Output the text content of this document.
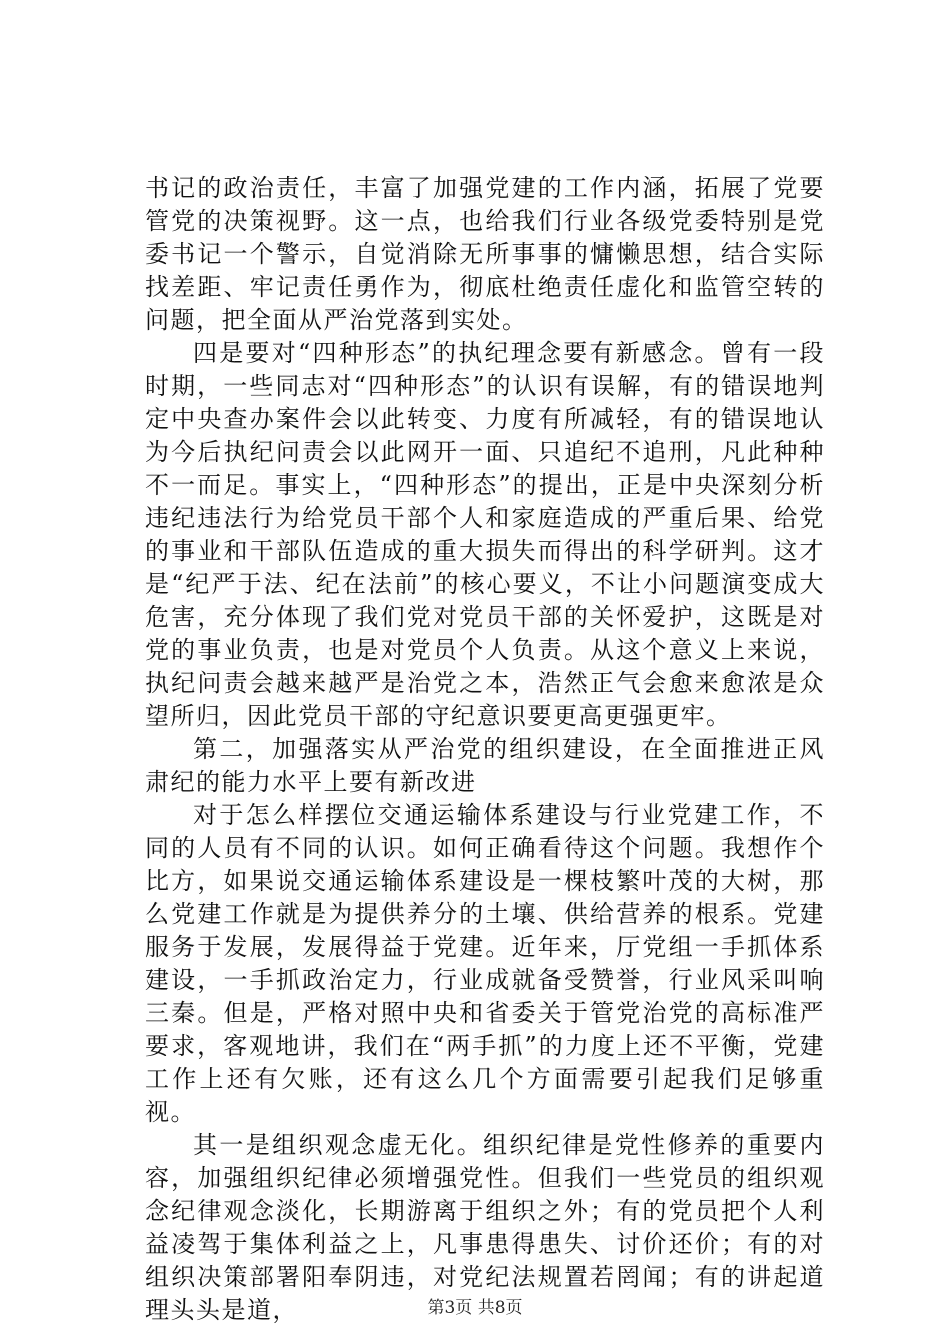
书记的政治责任，丰富了加强党建的工作内涵，拓展了党要管党的决策视野。这一点，也给我们行业各级党委特别是党委书记一个警示，自觉消除无所事事的慵懒思想，结合实际找差距、牢记责任勇作为，彻底杜绝责任虚化和监管空转的问题，把全面从严治党落到实处。

四是要对“四种形态”的执纪理念要有新感念。曾有一段时期，一些同志对“四种形态”的认识有误解，有的错误地判定中央查办案件会以此转变、力度有所减轻，有的错误地认为今后执纪问责会以此网开一面、只追纪不追刑，凡此种种不一而足。事实上，“四种形态”的提出，正是中央深刻分析违纪违法行为给党员干部个人和家庭造成的严重后果、给党的事业和干部队伍造成的重大损失而得出的科学研判。这才是“纪严于法、纪在法前”的核心要义，不让小问题演变成大危害，充分体现了我们党对党员干部的关怀爱护，这既是对党的事业负责，也是对党员个人负责。从这个意义上来说，执纪问责会越来越严是治党之本，浩然正气会愈来愈浓是众望所归，因此党员干部的守纪意识要更高更强更牢。

第二，加强落实从严治党的组织建设，在全面推进正风肃纪的能力水平上要有新改进

对于怎么样摆位交通运输体系建设与行业党建工作，不同的人员有不同的认识。如何正确看待这个问题。我想作个比方，如果说交通运输体系建设是一棵枝繁叶茂的大树，那么党建工作就是为提供养分的土壤、供给营养的根系。党建服务于发展，发展得益于党建。近年来，厅党组一手抓体系建设，一手抓政治定力，行业成就备受赞誉，行业风采叫响三秦。但是，严格对照中央和省委关于管党治党的高标准严要求，客观地讲，我们在“两手抓”的力度上还不平衡，党建工作上还有欠账，还有这么几个方面需要引起我们足够重视。

其一是组织观念虚无化。组织纪律是党性修养的重要内容，加强组织纪律必须增强党性。但我们一些党员的组织观念纪律观念淡化，长期游离于组织之外；有的党员把个人利益凌驾于集体利益之上，凡事患得患失、讨价还价；有的对组织决策部署阳奉阴违，对党纪法规置若罔闻；有的讲起道理头头是道，	第3页 共8页
